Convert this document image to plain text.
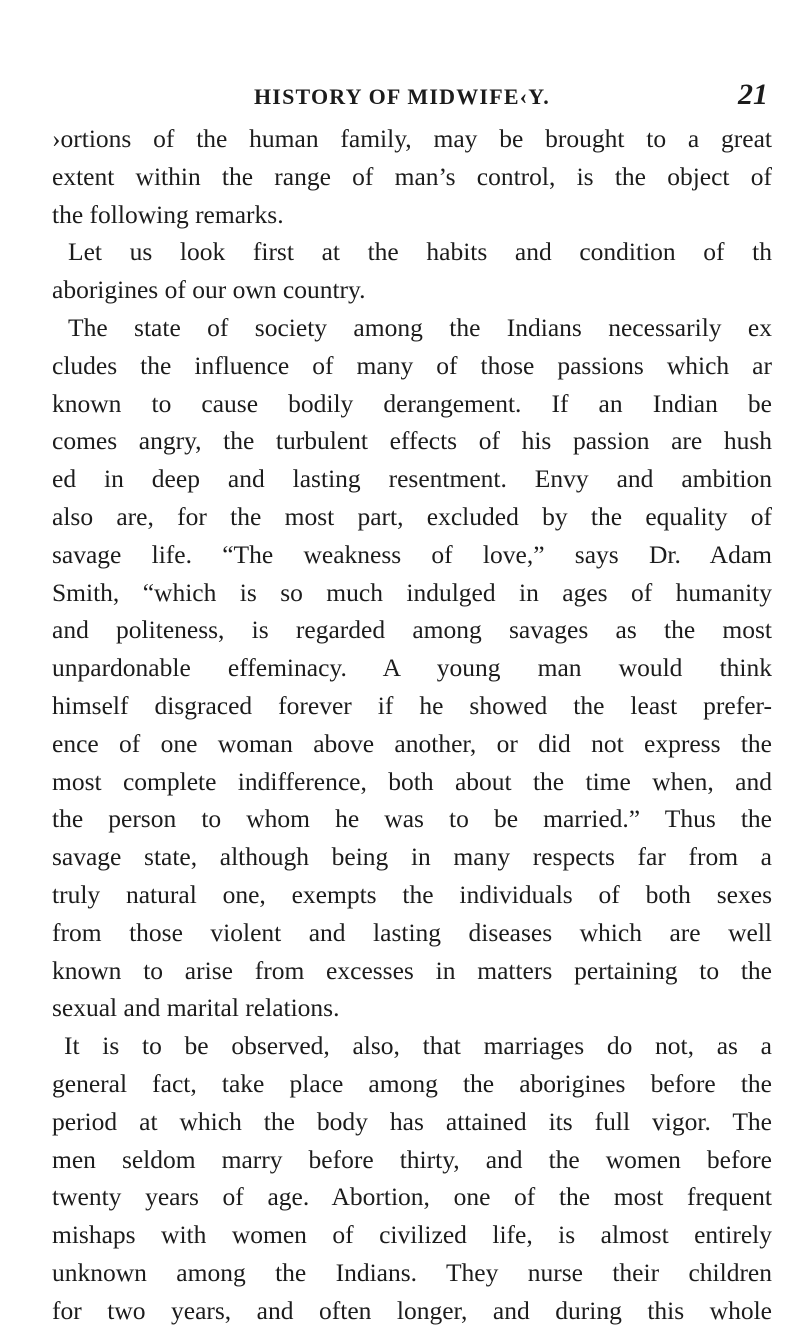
HISTORY OF MIDWIFE‹Y.	21
›ortions of the human family, may be brought to a great
extent within the range of man’s control, is the object of
the following remarks.
Let us look first at the habits and condition of th
aborigines of our own country.
The state of society among the Indians necessarily ex
cludes the influence of many of those passions which ar
known to cause bodily derangement. If an Indian be
comes angry, the turbulent effects of his passion are hush
ed in deep and lasting resentment. Envy and ambition
also are, for the most part, excluded by the equality of
savage life. “The weakness of love,” says Dr. Adam
Smith, “which is so much indulged in ages of humanity
and politeness, is regarded among savages as the most
unpardonable effeminacy. A young man would think
himself disgraced forever if he showed the least prefer-
ence of one woman above another, or did not express the
most complete indifference, both about the time when, and
the person to whom he was to be married.” Thus the
savage state, although being in many respects far from a
truly natural one, exempts the individuals of both sexes
from those violent and lasting diseases which are well
known to arise from excesses in matters pertaining to the
sexual and marital relations.
It is to be observed, also, that marriages do not, as a
general fact, take place among the aborigines before the
period at which the body has attained its full vigor. The
men seldom marry before thirty, and the women before
twenty years of age. Abortion, one of the most frequent
mishaps with women of civilized life, is almost entirely
unknown among the Indians. They nurse their children
for two years, and often longer, and during this whole
